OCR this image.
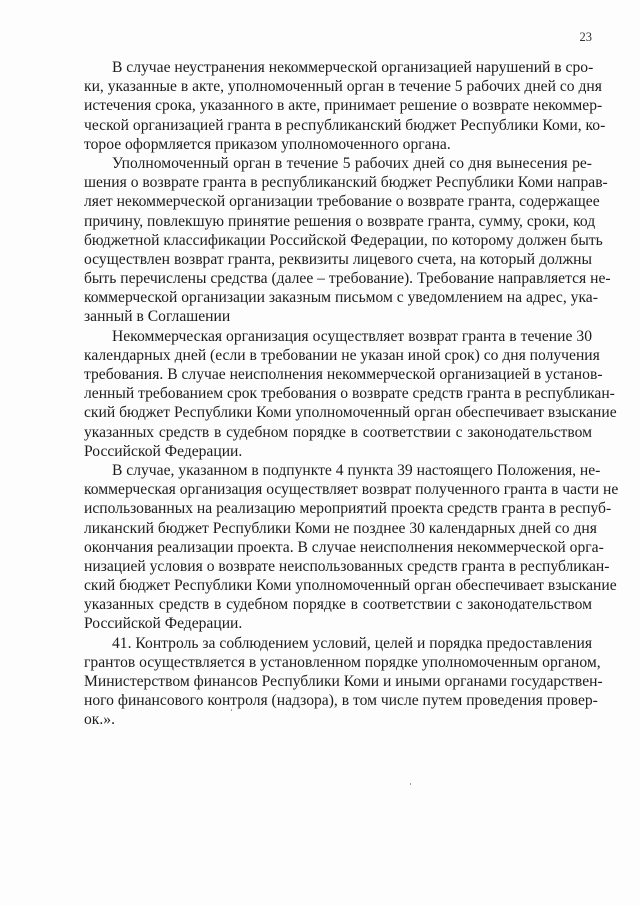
23
В случае неустранения некоммерческой организацией нарушений в сро-
ки, указанные в акте, уполномоченный орган в течение 5 рабочих дней со дня
истечения срока, указанного в акте, принимает решение о возврате некоммер-
ческой организацией гранта в республиканский бюджет Республики Коми, ко-
торое оформляется приказом уполномоченного органа.
Уполномоченный орган в течение 5 рабочих дней со дня вынесения ре-
шения о возврате гранта в республиканский бюджет Республики Коми направ-
ляет некоммерческой организации требование о возврате гранта, содержащее
причину, повлекшую принятие решения о возврате гранта, сумму, сроки, код
бюджетной классификации Российской Федерации, по которому должен быть
осуществлен возврат гранта, реквизиты лицевого счета, на который должны
быть перечислены средства (далее – требование). Требование направляется не-
коммерческой организации заказным письмом с уведомлением на адрес, ука-
занный в Соглашении
Некоммерческая организация осуществляет возврат гранта в течение 30
календарных дней (если в требовании не указан иной срок) со дня получения
требования. В случае неисполнения некоммерческой организацией в установ-
ленный требованием срок требования о возврате средств гранта в республикан-
ский бюджет Республики Коми уполномоченный орган обеспечивает взыскание
указанных средств в судебном порядке в соответствии с законодательством
Российской Федерации.
В случае, указанном в подпункте 4 пункта 39 настоящего Положения, не-
коммерческая организация осуществляет возврат полученного гранта в части не
использованных на реализацию мероприятий проекта средств гранта в респуб-
ликанский бюджет Республики Коми не позднее 30 календарных дней со дня
окончания реализации проекта. В случае неисполнения некоммерческой орга-
низацией условия о возврате неиспользованных средств гранта в республикан-
ский бюджет Республики Коми уполномоченный орган обеспечивает взыскание
указанных средств в судебном порядке в соответствии с законодательством
Российской Федерации.
41. Контроль за соблюдением условий, целей и порядка предоставления
грантов осуществляется в установленном порядке уполномоченным органом,
Министерством финансов Республики Коми и иными органами государствен-
ного финансового контроля (надзора), в том числе путем проведения провер-
ок.».
